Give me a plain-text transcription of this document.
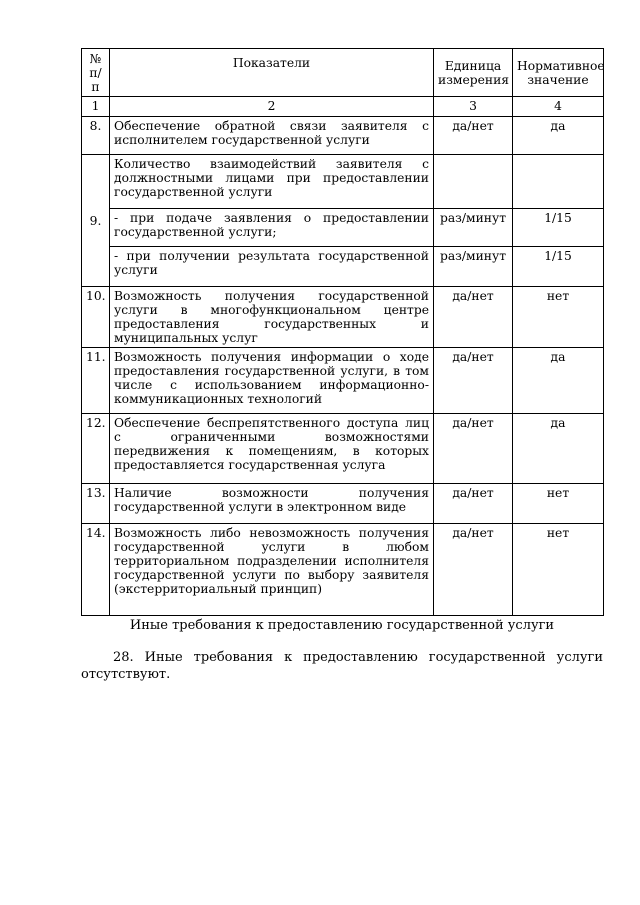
№ п/п	Показатели	Единица измерения	Нормативное значение
1	2	3	4
8.	Обеспечение обратной связи заявителя с исполнителем государственной услуги	да/нет	да
9.	Количество взаимодействий заявителя с должностными лицами при предоставлении государственной услуги		
	- при подаче заявления о предоставлении государственной услуги;	раз/минут	1/15
	- при получении результата государственной услуги	раз/минут	1/15
10.	Возможность получения государственной услуги в многофункциональном центре предоставления государственных и муниципальных услуг	да/нет	нет
11.	Возможность получения информации о ходе предоставления государственной услуги, в том числе с использованием информационно-коммуникационных технологий	да/нет	да
12.	Обеспечение беспрепятственного доступа лиц с ограниченными возможностями передвижения к помещениям, в которых предоставляется государственная услуга	да/нет	да
13.	Наличие возможности получения государственной услуги в электронном виде	да/нет	нет
14.	Возможность либо невозможность получения государственной услуги в любом территориальном подразделении исполнителя государственной услуги по выбору заявителя (экстерриториальный принцип)	да/нет	нет
Иные требования к предоставлению государственной услуги
28. Иные требования к предоставлению государственной услуги отсутствуют.
